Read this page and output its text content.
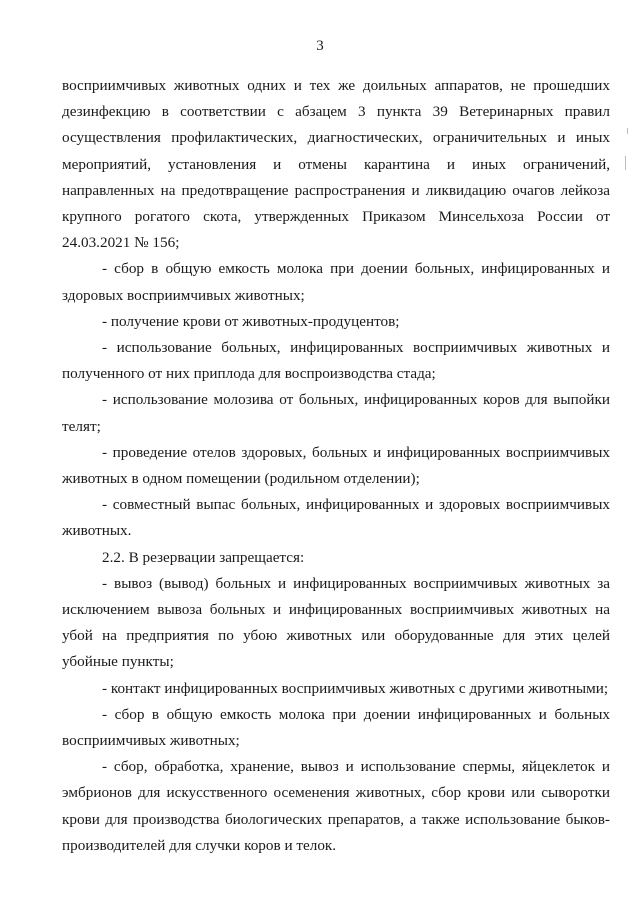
3

восприимчивых животных одних и тех же доильных аппаратов, не прошедших дезинфекцию в соответствии с абзацем 3 пункта 39 Ветеринарных правил осуществления профилактических, диагностических, ограничительных и иных мероприятий, установления и отмены карантина и иных ограничений, направленных на предотвращение распространения и ликвидацию очагов лейкоза крупного рогатого скота, утвержденных Приказом Минсельхоза России от 24.03.2021 № 156;

- сбор в общую емкость молока при доении больных, инфицированных и здоровых восприимчивых животных;

- получение крови от животных-продуцентов;

- использование больных, инфицированных восприимчивых животных и полученного от них приплода для воспроизводства стада;

- использование молозива от больных, инфицированных коров для выпойки телят;

- проведение отелов здоровых, больных и инфицированных восприимчивых животных в одном помещении (родильном отделении);

- совместный выпас больных, инфицированных и здоровых восприимчивых животных.

2.2. В резервации запрещается:

- вывоз (вывод) больных и инфицированных восприимчивых животных за исключением вывоза больных и инфицированных восприимчивых животных на убой на предприятия по убою животных или оборудованные для этих целей убойные пункты;

- контакт инфицированных восприимчивых животных с другими животными;

- сбор в общую емкость молока при доении инфицированных и больных восприимчивых животных;

- сбор, обработка, хранение, вывоз и использование спермы, яйцеклеток и эмбрионов для искусственного осеменения животных, сбор крови или сыворотки крови для производства биологических препаратов, а также использование быков-производителей для случки коров и телок.
